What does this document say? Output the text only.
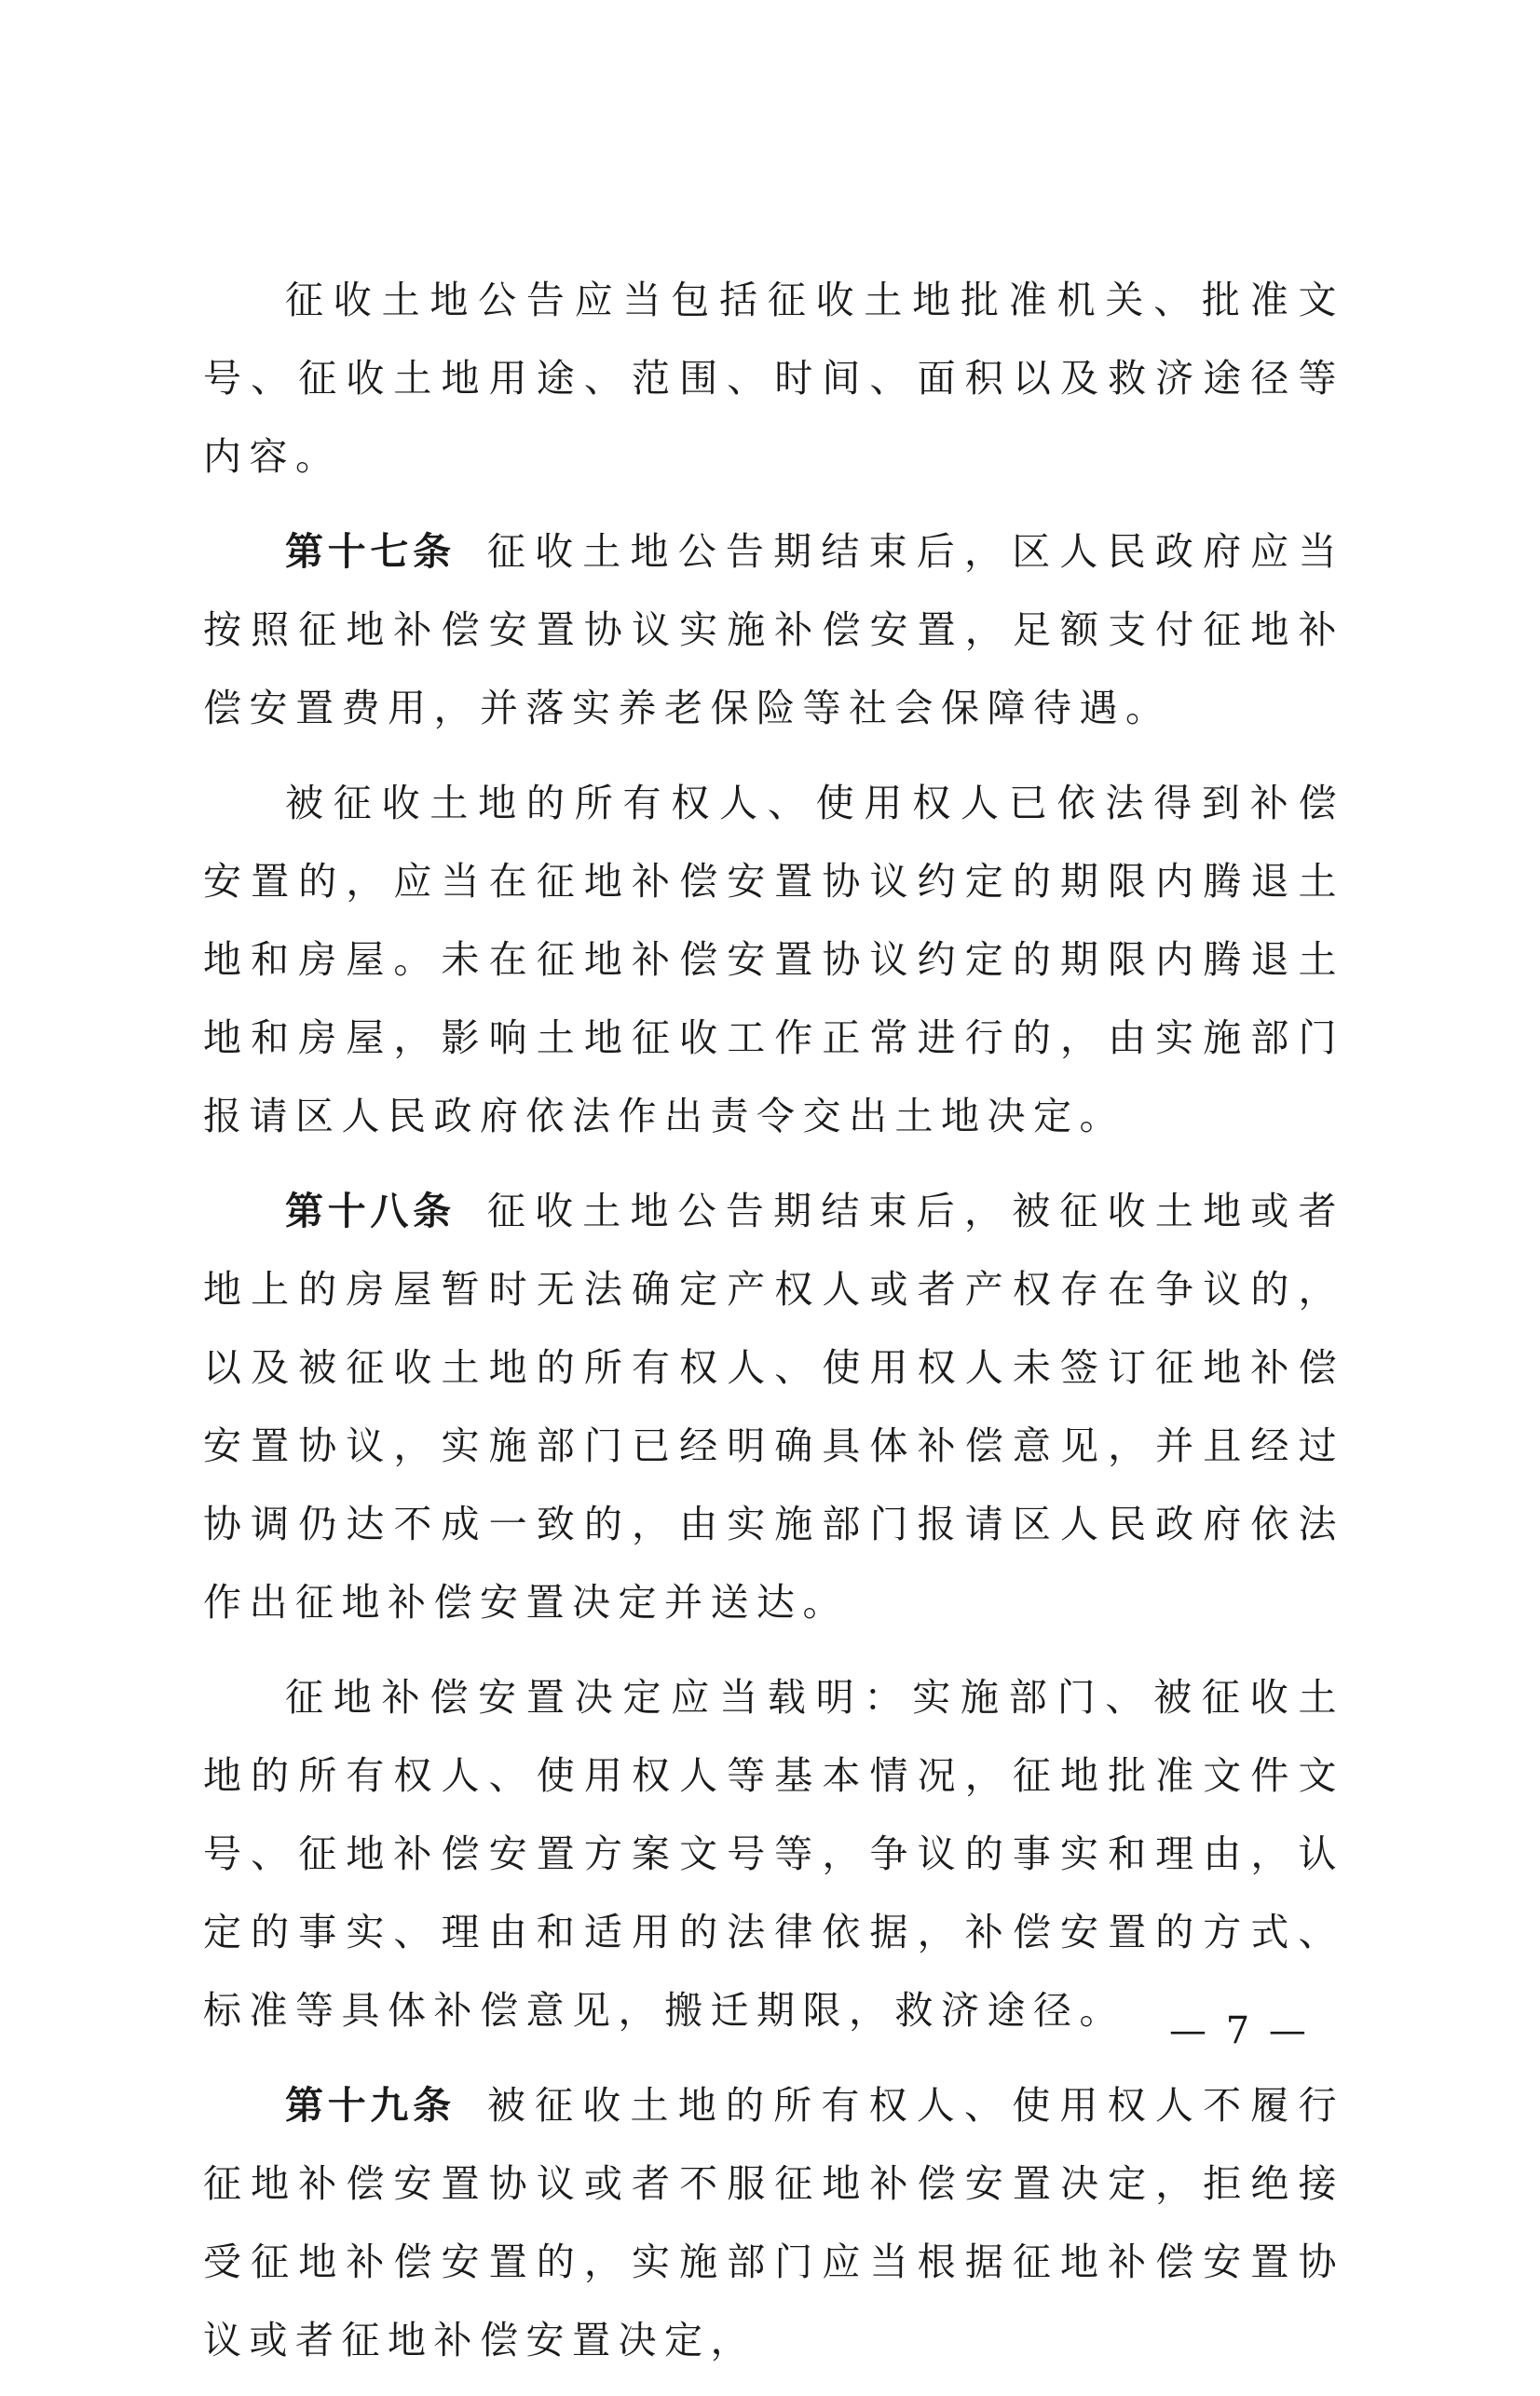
征收土地公告应当包括征收土地批准机关、批准文号、征收土地用途、范围、时间、面积以及救济途径等内容。

第十七条 征收土地公告期结束后，区人民政府应当按照征地补偿安置协议实施补偿安置，足额支付征地补偿安置费用，并落实养老保险等社会保障待遇。

被征收土地的所有权人、使用权人已依法得到补偿安置的，应当在征地补偿安置协议约定的期限内腾退土地和房屋。未在征地补偿安置协议约定的期限内腾退土地和房屋，影响土地征收工作正常进行的，由实施部门报请区人民政府依法作出责令交出土地决定。

第十八条 征收土地公告期结束后，被征收土地或者地上的房屋暂时无法确定产权人或者产权存在争议的，以及被征收土地的所有权人、使用权人未签订征地补偿安置协议，实施部门已经明确具体补偿意见，并且经过协调仍达不成一致的，由实施部门报请区人民政府依法作出征地补偿安置决定并送达。

征地补偿安置决定应当载明：实施部门、被征收土地的所有权人、使用权人等基本情况，征地批准文件文号、征地补偿安置方案文号等，争议的事实和理由，认定的事实、理由和适用的法律依据，补偿安置的方式、标准等具体补偿意见，搬迁期限，救济途径。

第十九条 被征收土地的所有权人、使用权人不履行征地补偿安置协议或者不服征地补偿安置决定，拒绝接受征地补偿安置的，实施部门应当根据征地补偿安置协议或者征地补偿安置决定，

— 7 —
